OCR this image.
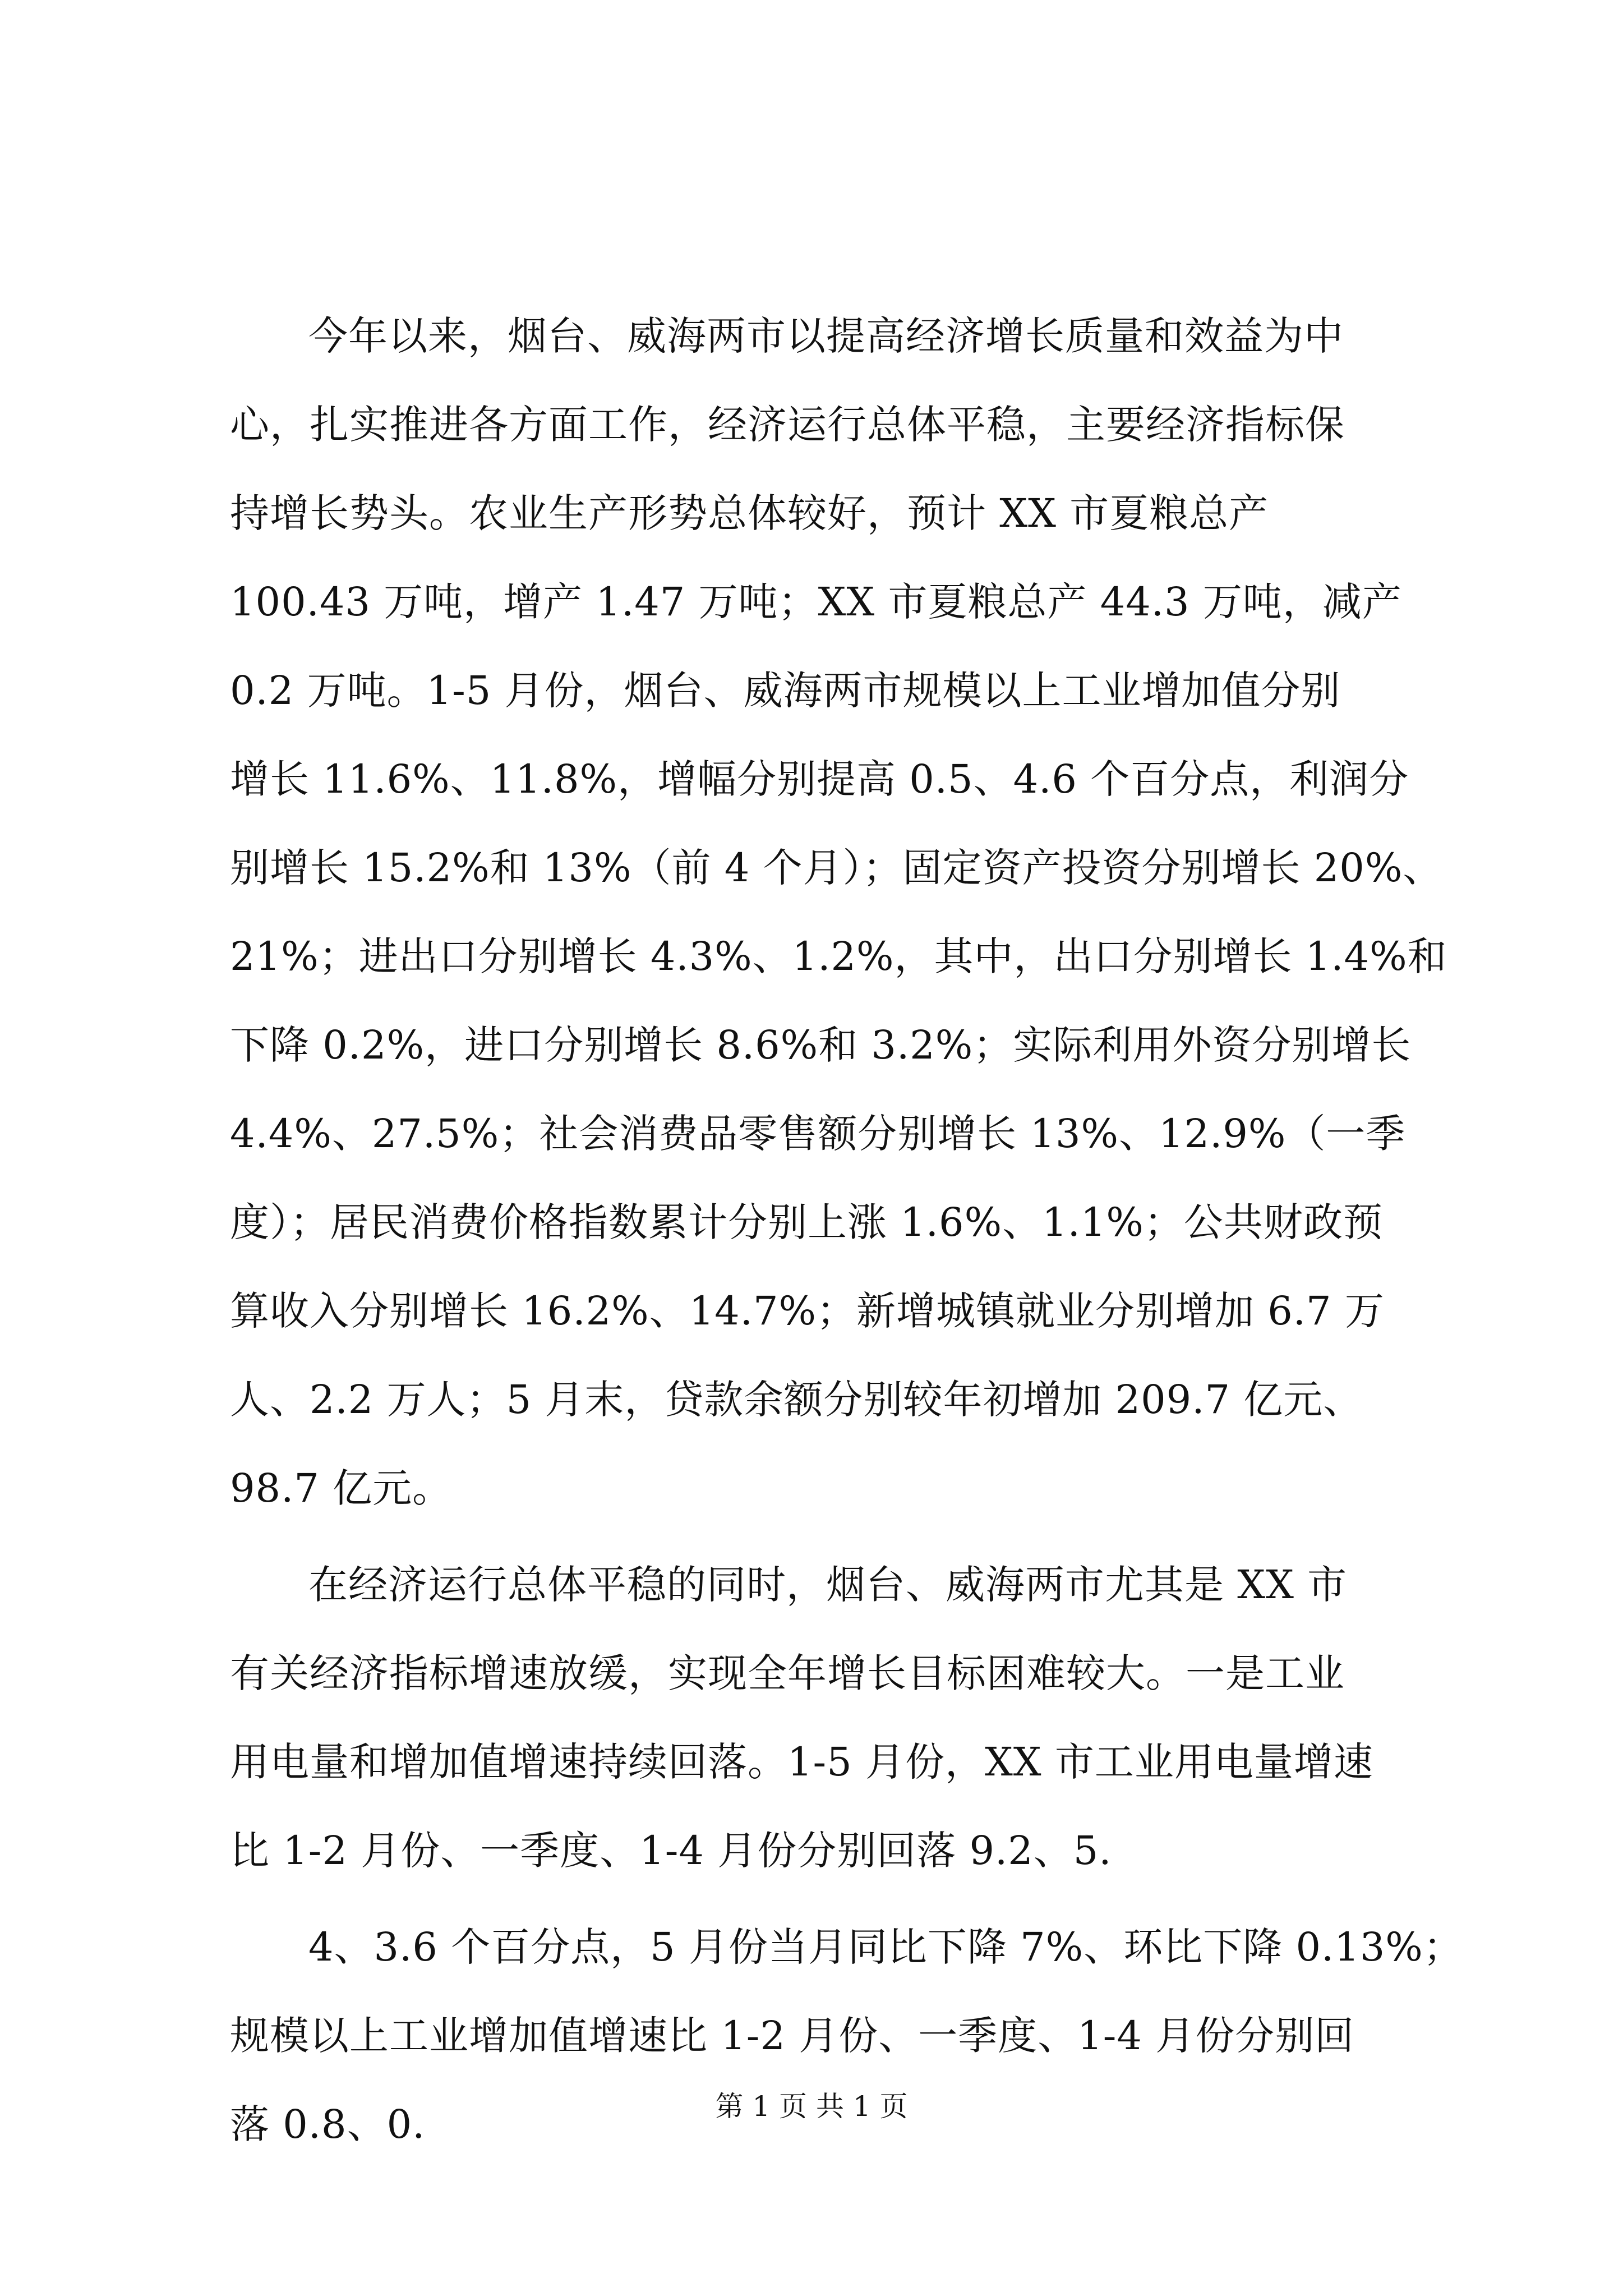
今年以来，烟台、威海两市以提高经济增长质量和效益为中
心，扎实推进各方面工作，经济运行总体平稳，主要经济指标保
持增长势头。农业生产形势总体较好，预计 XX 市夏粮总产
100.43 万吨，增产 1.47 万吨；XX 市夏粮总产 44.3 万吨，减产
0.2 万吨。1-5 月份，烟台、威海两市规模以上工业增加值分别
增长 11.6%、11.8%，增幅分别提高 0.5、4.6 个百分点，利润分
别增长 15.2%和 13%（前 4 个月）；固定资产投资分别增长 20%、
21%；进出口分别增长 4.3%、1.2%，其中，出口分别增长 1.4%和
下降 0.2%，进口分别增长 8.6%和 3.2%；实际利用外资分别增长
4.4%、27.5%；社会消费品零售额分别增长 13%、12.9%（一季
度）；居民消费价格指数累计分别上涨 1.6%、1.1%；公共财政预
算收入分别增长 16.2%、14.7%；新增城镇就业分别增加 6.7 万
人、2.2 万人；5 月末，贷款余额分别较年初增加 209.7 亿元、
98.7 亿元。
在经济运行总体平稳的同时，烟台、威海两市尤其是 XX 市
有关经济指标增速放缓，实现全年增长目标困难较大。一是工业
用电量和增加值增速持续回落。1-5 月份，XX 市工业用电量增速
比 1-2 月份、一季度、1-4 月份分别回落 9.2、5.
4、3.6 个百分点，5 月份当月同比下降 7%、环比下降 0.13%；
规模以上工业增加值增速比 1-2 月份、一季度、1-4 月份分别回
落 0.8、0.	第 1 页 共 1 页
